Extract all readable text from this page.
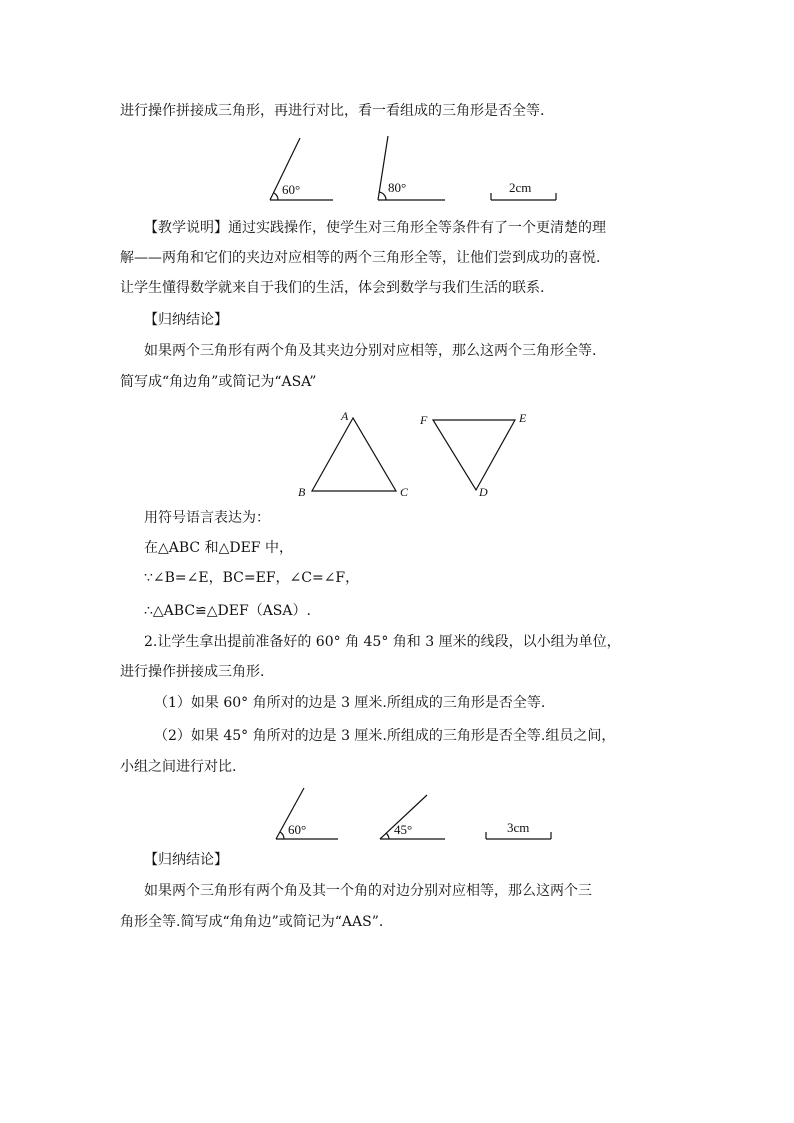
进行操作拼接成三角形，再进行对比，看一看组成的三角形是否全等.
60°	80°	2cm
【教学说明】通过实践操作，使学生对三角形全等条件有了一个更清楚的理
解——两角和它们的夹边对应相等的两个三角形全等，让他们尝到成功的喜悦.
让学生懂得数学就来自于我们的生活，体会到数学与我们生活的联系.
【归纳结论】
如果两个三角形有两个角及其夹边分别对应相等，那么这两个三角形全等.
简写成“角边角”或简记为“ASA”
A
B	C
F	E
D
用符号语言表达为：
在△ABC 和△DEF 中，
∵∠B=∠E，BC=EF，∠C=∠F，
∴△ABC≌△DEF（ASA）.
2.让学生拿出提前准备好的 60° 角 45° 角和 3 厘米的线段，以小组为单位，
进行操作拼接成三角形.
（1）如果 60° 角所对的边是 3 厘米.所组成的三角形是否全等.
（2）如果 45° 角所对的边是 3 厘米.所组成的三角形是否全等.组员之间，
小组之间进行对比.
60°	45°	3cm
【归纳结论】
如果两个三角形有两个角及其一个角的对边分别对应相等，那么这两个三
角形全等.简写成“角角边”或简记为“AAS”.
